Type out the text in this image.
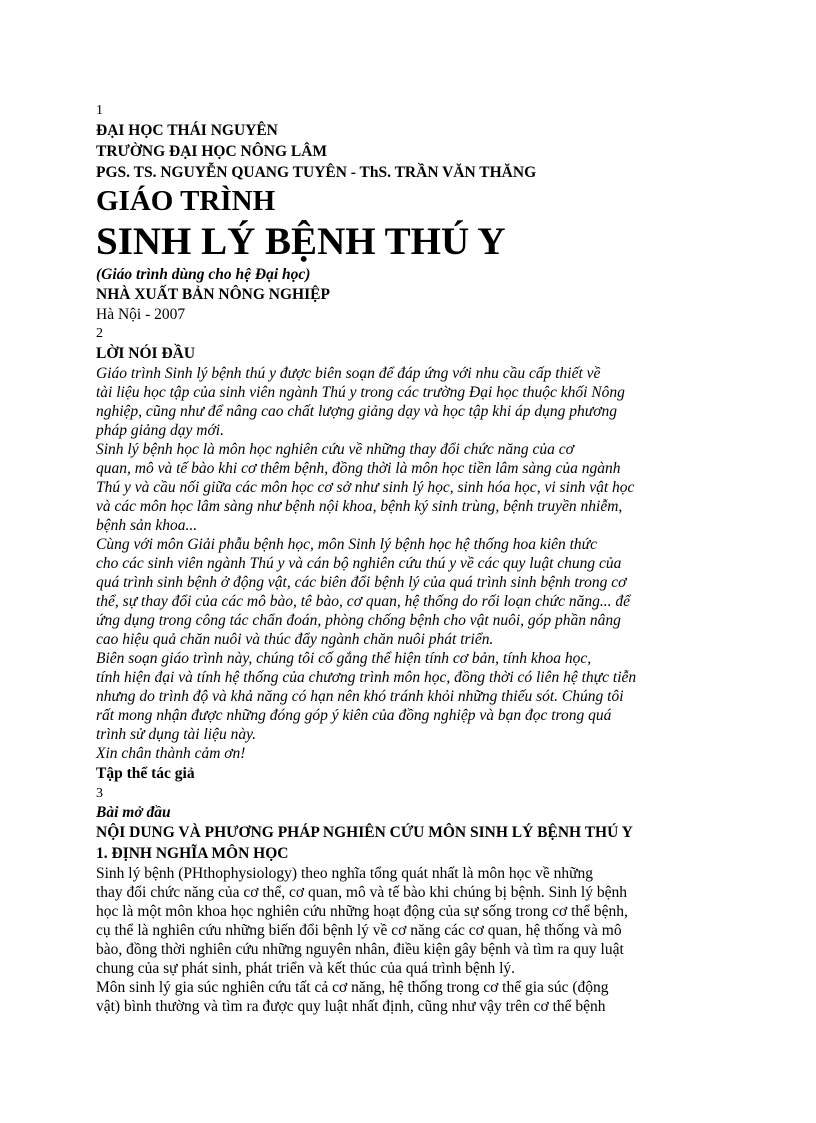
1
ĐẠI HỌC THÁI NGUYÊN
TRƯỜNG ĐẠI HỌC NÔNG LÂM
PGS. TS. NGUYỄN QUANG TUYÊN - ThS. TRẦN VĂN THĂNG
GIÁO TRÌNH
SINH LÝ BỆNH THÚ Y
(Giáo trình dùng cho hệ Đại học)
NHÀ XUẤT BẢN NÔNG NGHIỆP
Hà Nội - 2007
2
LỜI NÓI ĐẦU
Giáo trình Sinh lý bệnh thú y được biên soạn để đáp ứng với nhu cầu cấp thiết về
tài liệu học tập của sinh viên ngành Thú y trong các trường Đại học thuộc khối Nông
nghiệp, cũng như để nâng cao chất lượng giảng dạy và học tập khi áp dụng phương
pháp giảng dạy mới.
Sinh lý bệnh học là môn học nghiên cứu về những thay đổi chức năng của cơ
quan, mô và tế bào khi cơ thêm bệnh, đồng thời là môn học tiền lâm sàng của ngành
Thú y và cầu nối giữa các môn học cơ sở như sinh lý học, sinh hóa học, vi sinh vật học
và các môn học lâm sàng như bệnh nội khoa, bệnh ký sinh trùng, bệnh truyền nhiễm,
bệnh sản khoa...
Cùng với môn Giải phẫu bệnh học, môn Sinh lý bệnh học hệ thống hoa kiên thức
cho các sinh viên ngành Thú y và cán bộ nghiên cứu thú y về các quy luật chung của
quá trình sinh bệnh ở động vật, các biên đổi bệnh lý của quá trình sinh bệnh trong cơ
thể, sự thay đổi của các mô bào, tê bào, cơ quan, hệ thống do rối loạn chức năng... để
ứng dụng trong công tác chẩn đoán, phòng chống bệnh cho vật nuôi, góp phần nâng
cao hiệu quả chăn nuôi và thúc đẩy ngành chăn nuôi phát triển.
Biên soạn giáo trình này, chúng tôi cố gắng thể hiện tính cơ bản, tính khoa học,
tính hiện đại và tính hệ thống của chương trình môn học, đồng thời có liên hệ thực tiễn
nhưng do trình độ và khả năng có hạn nên khó tránh khỏi những thiếu sót. Chúng tôi
rất mong nhận được những đóng góp ý kiên của đồng nghiệp và bạn đọc trong quá
trình sử dụng tài liệu này.
Xin chân thành cảm ơn!
Tập thể tác giả
3
Bài mở đầu
NỘI DUNG VÀ PHƯƠNG PHÁP NGHIÊN CỨU MÔN SINH LÝ BỆNH THÚ Y
1. ĐỊNH NGHĨA MÔN HỌC
Sinh lý bệnh (PHthophysiology) theo nghĩa tổng quát nhất là môn học về những
thay đổi chức năng của cơ thể, cơ quan, mô và tế bào khi chúng bị bệnh. Sinh lý bệnh
học là một môn khoa học nghiên cứu những hoạt động của sự sống trong cơ thể bệnh,
cụ thể là nghiên cứu những biến đổi bệnh lý về cơ năng các cơ quan, hệ thống và mô
bào, đồng thời nghiên cứu những nguyên nhân, điều kiện gây bệnh và tìm ra quy luật
chung của sự phát sinh, phát triển và kết thúc của quá trình bệnh lý.
Môn sinh lý gia súc nghiên cứu tất cả cơ năng, hệ thống trong cơ thể gia súc (động
vật) bình thường và tìm ra được quy luật nhất định, cũng như vậy trên cơ thể bệnh
